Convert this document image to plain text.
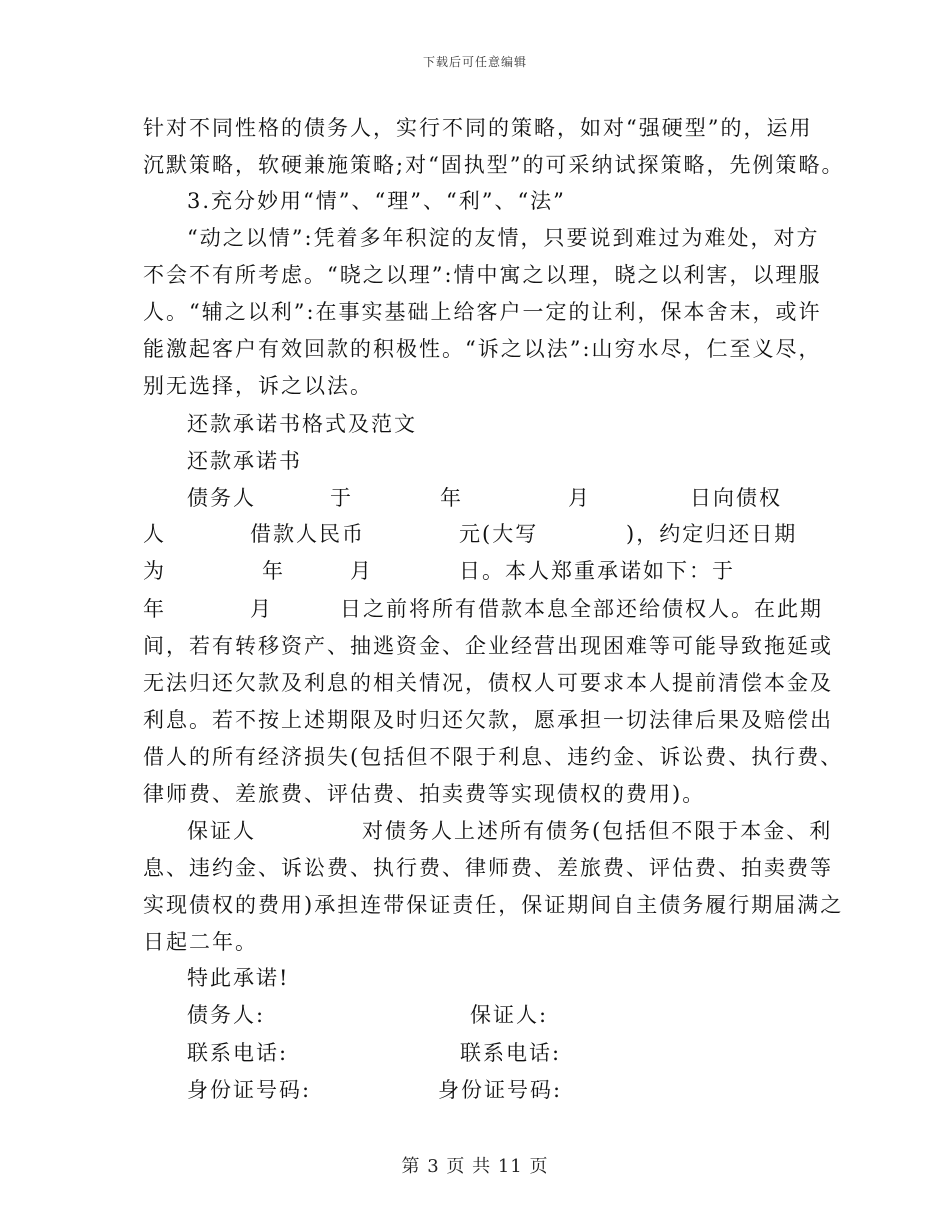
下载后可任意编辑
针对不同性格的债务人，实行不同的策略，如对“强硬型”的，运用
沉默策略，软硬兼施策略;对“固执型”的可采纳试探策略，先例策略。
3.充分妙用“情”、“理”、“利”、“法”
“动之以情”:凭着多年积淀的友情，只要说到难过为难处，对方
不会不有所考虑。“晓之以理”:情中寓之以理，晓之以利害，以理服
人。“辅之以利”:在事实基础上给客户一定的让利，保本舍末，或许
能激起客户有效回款的积极性。“诉之以法”:山穷水尽，仁至义尽，
别无选择，诉之以法。
还款承诺书格式及范文
还款承诺书
债务人	于	年	月	日向债权
人	借款人民币	元(大写	)，约定归还日期
为	年	月	日。本人郑重承诺如下：于
年	月	日之前将所有借款本息全部还给债权人。在此期
间，若有转移资产、抽逃资金、企业经营出现困难等可能导致拖延或
无法归还欠款及利息的相关情况，债权人可要求本人提前清偿本金及
利息。若不按上述期限及时归还欠款，愿承担一切法律后果及赔偿出
借人的所有经济损失(包括但不限于利息、违约金、诉讼费、执行费、
律师费、差旅费、评估费、拍卖费等实现债权的费用)。
保证人	对债务人上述所有债务(包括但不限于本金、利
息、违约金、诉讼费、执行费、律师费、差旅费、评估费、拍卖费等
实现债权的费用)承担连带保证责任，保证期间自主债务履行期届满之
日起二年。
特此承诺!
债务人:	保证人:
联系电话:	联系电话:
身份证号码:	身份证号码:
第 3 页 共 11 页
